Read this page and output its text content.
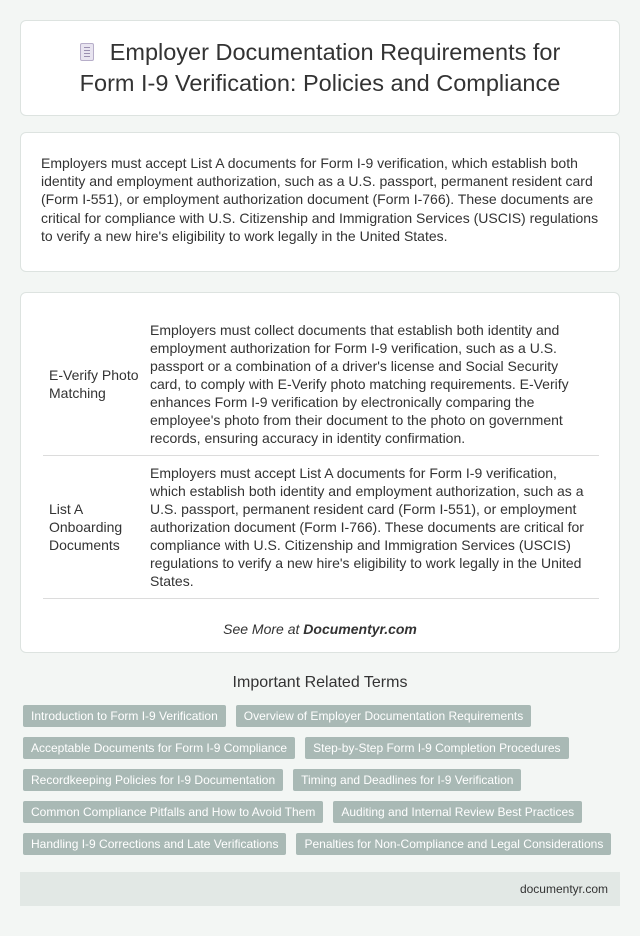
Employer Documentation Requirements for Form I-9 Verification: Policies and Compliance

Employers must accept List A documents for Form I-9 verification, which establish both identity and employment authorization, such as a U.S. passport, permanent resident card (Form I-551), or employment authorization document (Form I-766). These documents are critical for compliance with U.S. Citizenship and Immigration Services (USCIS) regulations to verify a new hire's eligibility to work legally in the United States.

E-Verify Photo Matching	Employers must collect documents that establish both identity and employment authorization for Form I-9 verification, such as a U.S. passport or a combination of a driver's license and Social Security card, to comply with E-Verify photo matching requirements. E-Verify enhances Form I-9 verification by electronically comparing the employee's photo from their document to the photo on government records, ensuring accuracy in identity confirmation.
List A Onboarding Documents	Employers must accept List A documents for Form I-9 verification, which establish both identity and employment authorization, such as a U.S. passport, permanent resident card (Form I-551), or employment authorization document (Form I-766). These documents are critical for compliance with U.S. Citizenship and Immigration Services (USCIS) regulations to verify a new hire's eligibility to work legally in the United States.
See More at Documentyr.com
Important Related Terms
Introduction to Form I-9 Verification	Overview of Employer Documentation Requirements
Acceptable Documents for Form I-9 Compliance	Step-by-Step Form I-9 Completion Procedures
Recordkeeping Policies for I-9 Documentation	Timing and Deadlines for I-9 Verification
Common Compliance Pitfalls and How to Avoid Them	Auditing and Internal Review Best Practices
Handling I-9 Corrections and Late Verifications	Penalties for Non-Compliance and Legal Considerations
documentyr.com
